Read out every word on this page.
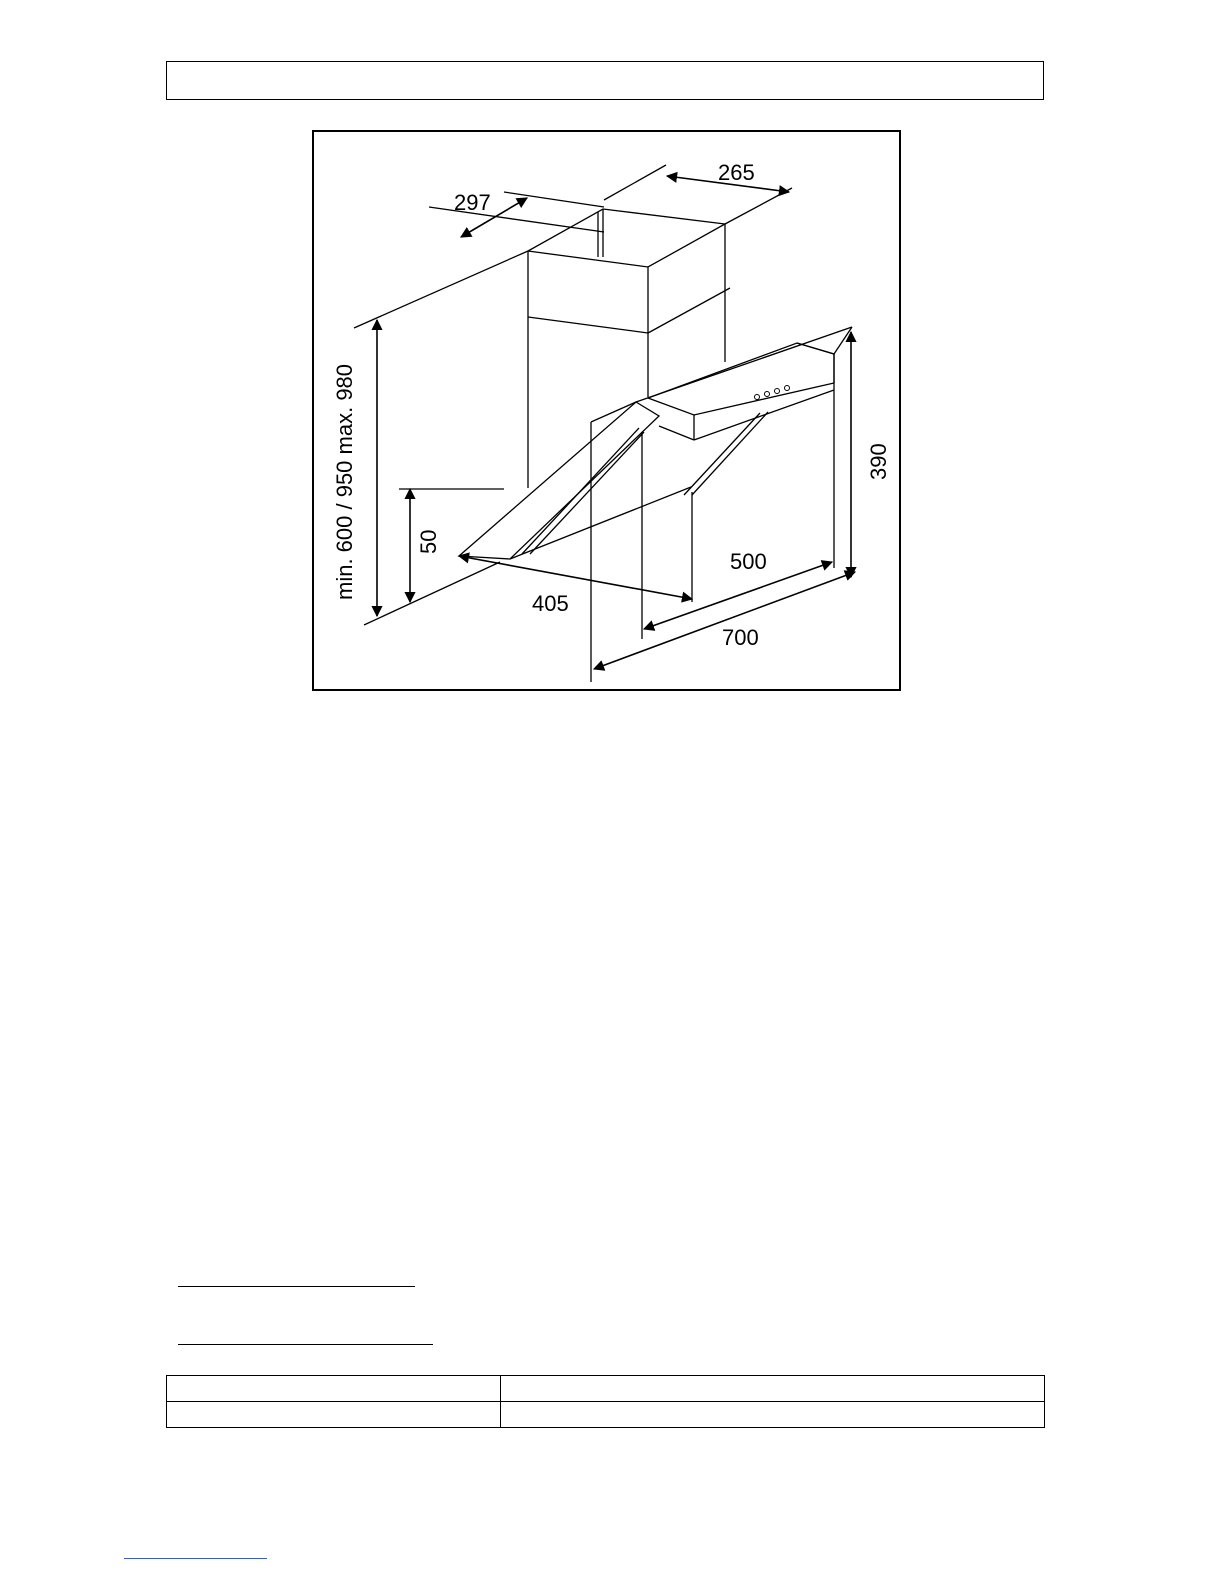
297
265
min. 600 / 950 max. 980	50
390
405
500
700
